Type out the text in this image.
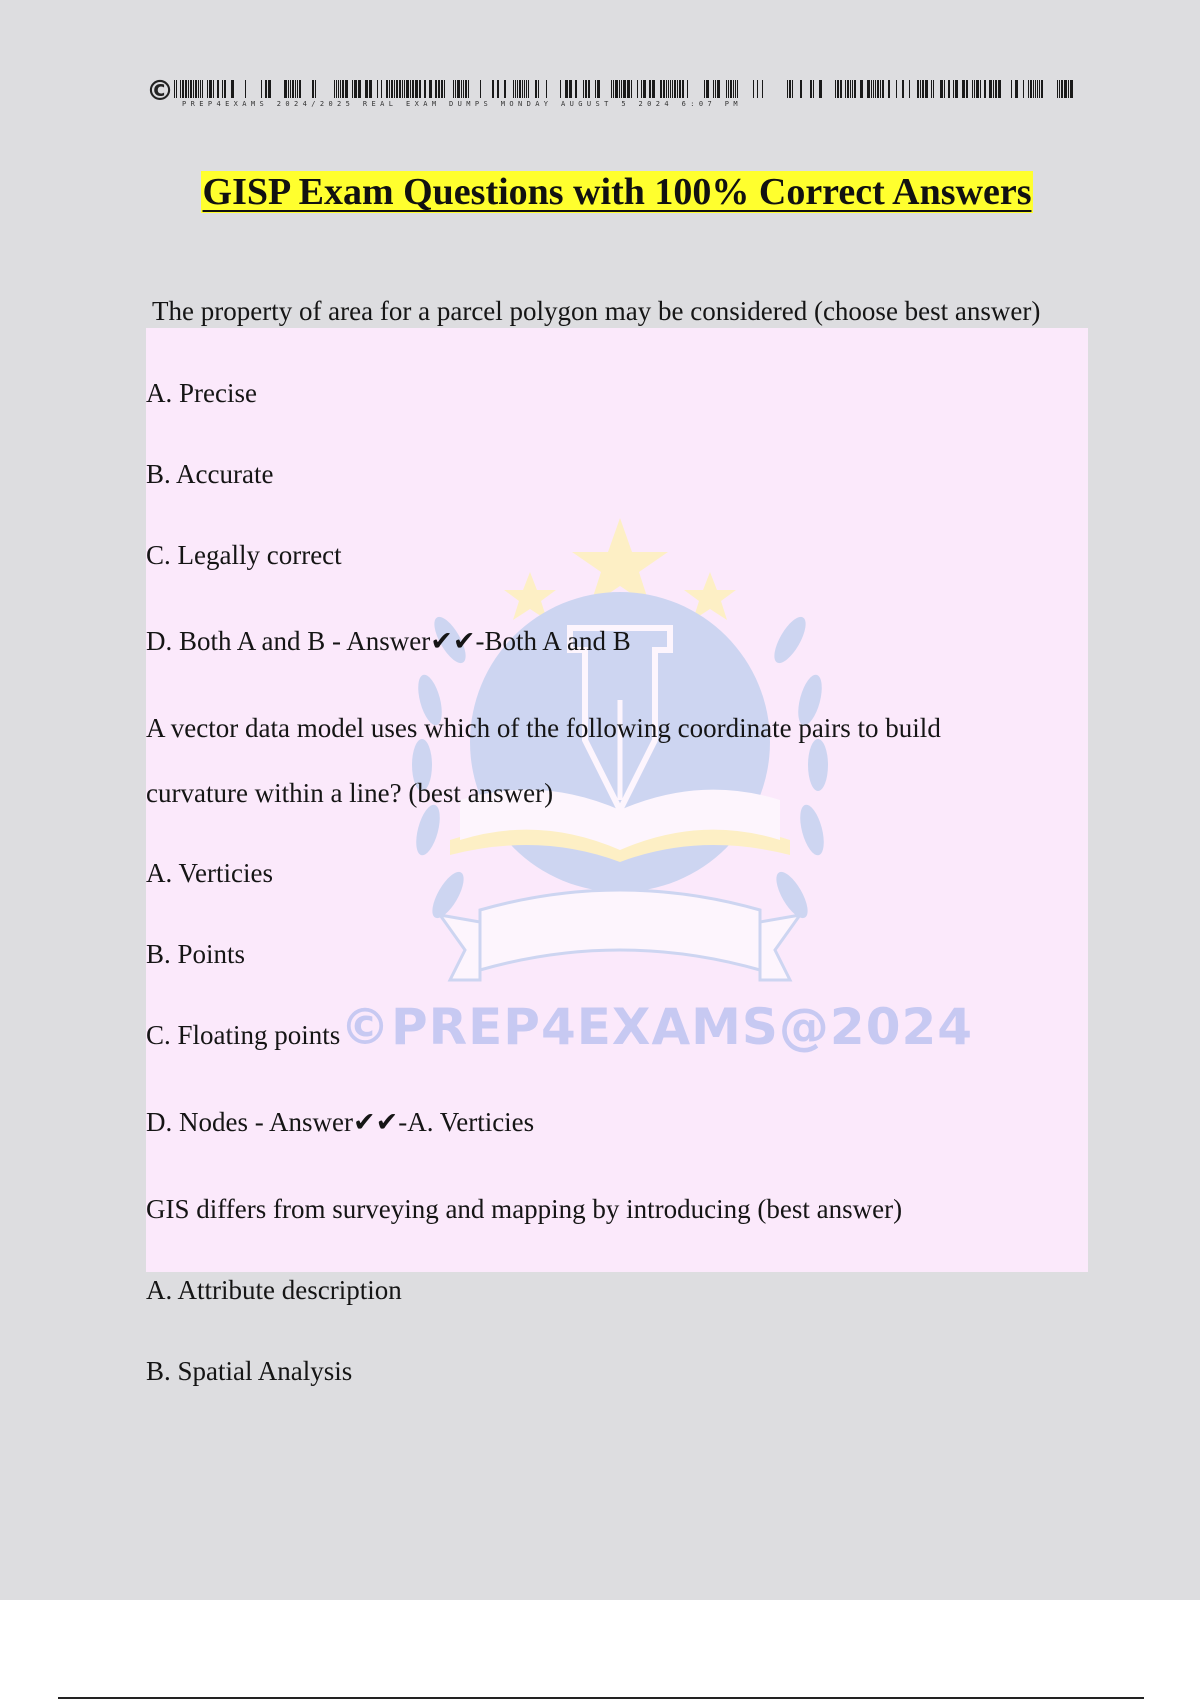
© PREP4EXAMS 2024/2025 REAL EXAM DUMPS MONDAY AUGUST 5 2024 6:07 PM
GISP Exam Questions with 100% Correct Answers
©PREP4EXAMS@2024
The property of area for a parcel polygon may be considered (choose best answer)
A. Precise
B. Accurate
C. Legally correct
D. Both A and B - Answer✔✔-Both A and B
A vector data model uses which of the following coordinate pairs to build
curvature within a line? (best answer)
A. Verticies
B. Points
C. Floating points
D. Nodes - Answer✔✔-A. Verticies
GIS differs from surveying and mapping by introducing (best answer)
A. Attribute description
B. Spatial Analysis
